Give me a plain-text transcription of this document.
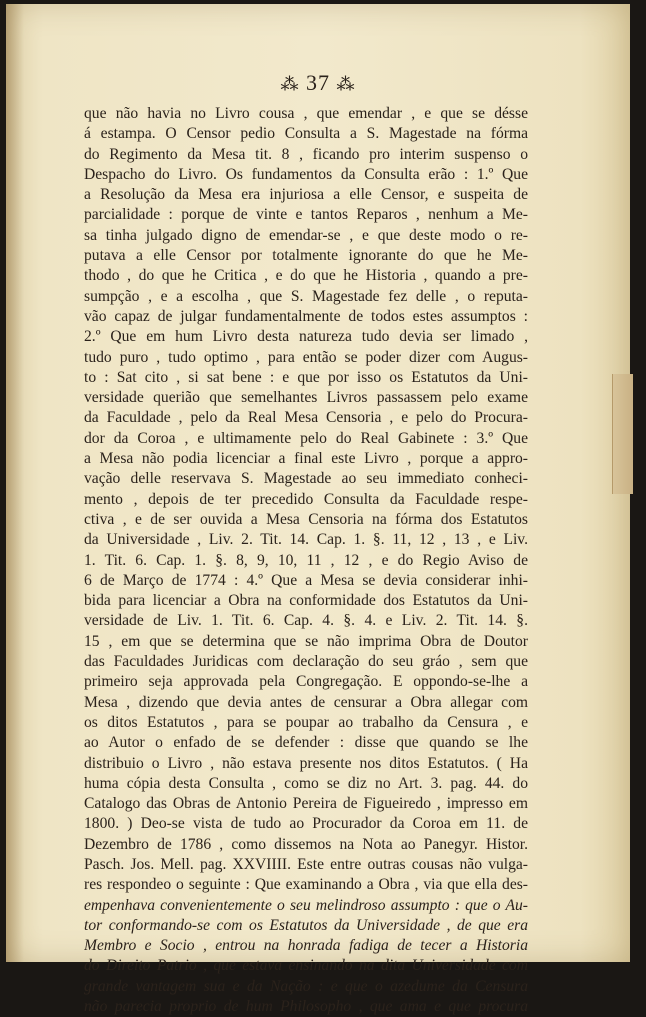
⁂ 37 ⁂
que não havia no Livro cousa , que emendar , e que se désse
á estampa. O Censor pedio Consulta a S. Magestade na fórma
do Regimento da Mesa tit. 8 , ficando pro interim suspenso o
Despacho do Livro. Os fundamentos da Consulta erão : 1.º Que
a Resolução da Mesa era injuriosa a elle Censor, e suspeita de
parcialidade : porque de vinte e tantos Reparos , nenhum a Me-
sa tinha julgado digno de emendar-se , e que deste modo o re-
putava a elle Censor por totalmente ignorante do que he Me-
thodo , do que he Critica , e do que he Historia , quando a pre-
sumpção , e a escolha , que S. Magestade fez delle , o reputa-
vão capaz de julgar fundamentalmente de todos estes assumptos :
2.º Que em hum Livro desta natureza tudo devia ser limado ,
tudo puro , tudo optimo , para então se poder dizer com Augus-
to : Sat cito , si sat bene : e que por isso os Estatutos da Uni-
versidade querião que semelhantes Livros passassem pelo exame
da Faculdade , pelo da Real Mesa Censoria , e pelo do Procura-
dor da Coroa , e ultimamente pelo do Real Gabinete : 3.º Que
a Mesa não podia licenciar a final este Livro , porque a appro-
vação delle reservava S. Magestade ao seu immediato conheci-
mento , depois de ter precedido Consulta da Faculdade respe-
ctiva , e de ser ouvida a Mesa Censoria na fórma dos Estatutos
da Universidade , Liv. 2. Tit. 14. Cap. 1. §. 11, 12 , 13 , e Liv.
1. Tit. 6. Cap. 1. §. 8, 9, 10, 11 , 12 , e do Regio Aviso de
6 de Março de 1774 : 4.º Que a Mesa se devia considerar inhi-
bida para licenciar a Obra na conformidade dos Estatutos da Uni-
versidade de Liv. 1. Tit. 6. Cap. 4. §. 4. e Liv. 2. Tit. 14. §.
15 , em que se determina que se não imprima Obra de Doutor
das Faculdades Juridicas com declaração do seu gráo , sem que
primeiro seja approvada pela Congregação. E oppondo-se-lhe a
Mesa , dizendo que devia antes de censurar a Obra allegar com
os ditos Estatutos , para se poupar ao trabalho da Censura , e
ao Autor o enfado de se defender : disse que quando se lhe
distribuio o Livro , não estava presente nos ditos Estatutos. ( Ha
huma cópia desta Consulta , como se diz no Art. 3. pag. 44. do
Catalogo das Obras de Antonio Pereira de Figueiredo , impresso em
1800. ) Deo-se vista de tudo ao Procurador da Coroa em 11. de
Dezembro de 1786 , como dissemos na Nota ao Panegyr. Histor.
Pasch. Jos. Mell. pag. XXVIIII. Este entre outras cousas não vulga-
res respondeo o seguinte : Que examinando a Obra , via que ella des-
empenhava convenientemente o seu melindroso assumpto : que o Au-
tor conformando-se com os Estatutos da Universidade , de que era
Membro e Socio , entrou na honrada fadiga de tecer a Historia
do Direito Patrio , que estava ensinando na dita Universidade com
grande vantagem sua e da Nação : e que o azedume da Censura
não parecia proprio de hum Philosopho , que ama e que procura
